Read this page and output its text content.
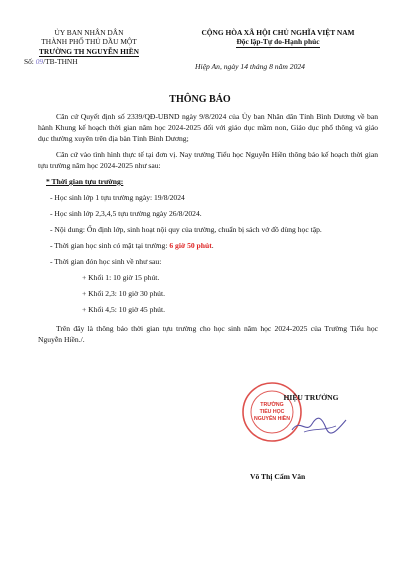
ỦY BAN NHÂN DÂN
THÀNH PHỐ THỦ DẦU MỘT
TRƯỜNG TH NGUYỄN HIỀN
Số: 09/TB-THNH
CỘNG HÒA XÃ HỘI CHỦ NGHĨA VIỆT NAM
Độc lập-Tự do-Hạnh phúc
Hiệp An, ngày 14 tháng 8 năm 2024
THÔNG BÁO

Căn cứ Quyết định số 2339/QĐ-UBND ngày 9/8/2024 của Ủy ban Nhân dân Tỉnh Bình Dương về ban hành Khung kế hoạch thời gian năm học 2024-2025 đối với giáo dục mầm non, Giáo dục phổ thông và giáo dục thường xuyên trên địa bàn Tỉnh Bình Dương;

Căn cứ vào tình hình thực tế tại đơn vị. Nay trường Tiểu học Nguyễn Hiền thông báo kế hoạch thời gian tựu trường năm học 2024-2025 như sau:

* Thời gian tựu trường:
- Học sinh lớp 1 tựu trường ngày: 19/8/2024
- Học sinh lớp 2,3,4,5 tựu trường ngày 26/8/2024.

- Nội dung: Ổn định lớp, sinh hoạt nội quy của trường, chuẩn bị sách vở đồ dùng học tập.

- Thời gian học sinh có mặt tại trường: 6 giờ 50 phút.
- Thời gian đón học sinh về như sau:
+ Khối 1: 10 giờ 15 phút.
+ Khối 2,3: 10 giờ 30 phút.
+ Khối 4,5: 10 giờ 45 phút.

Trên đây là thông báo thời gian tựu trường cho học sinh năm học 2024-2025 của Trường Tiểu học Nguyễn Hiền./.

TRƯỜNG
TIỂU HỌC
NGUYỄN HIỀN
HIỆU TRƯỞNG
Võ Thị Cẩm Vân
